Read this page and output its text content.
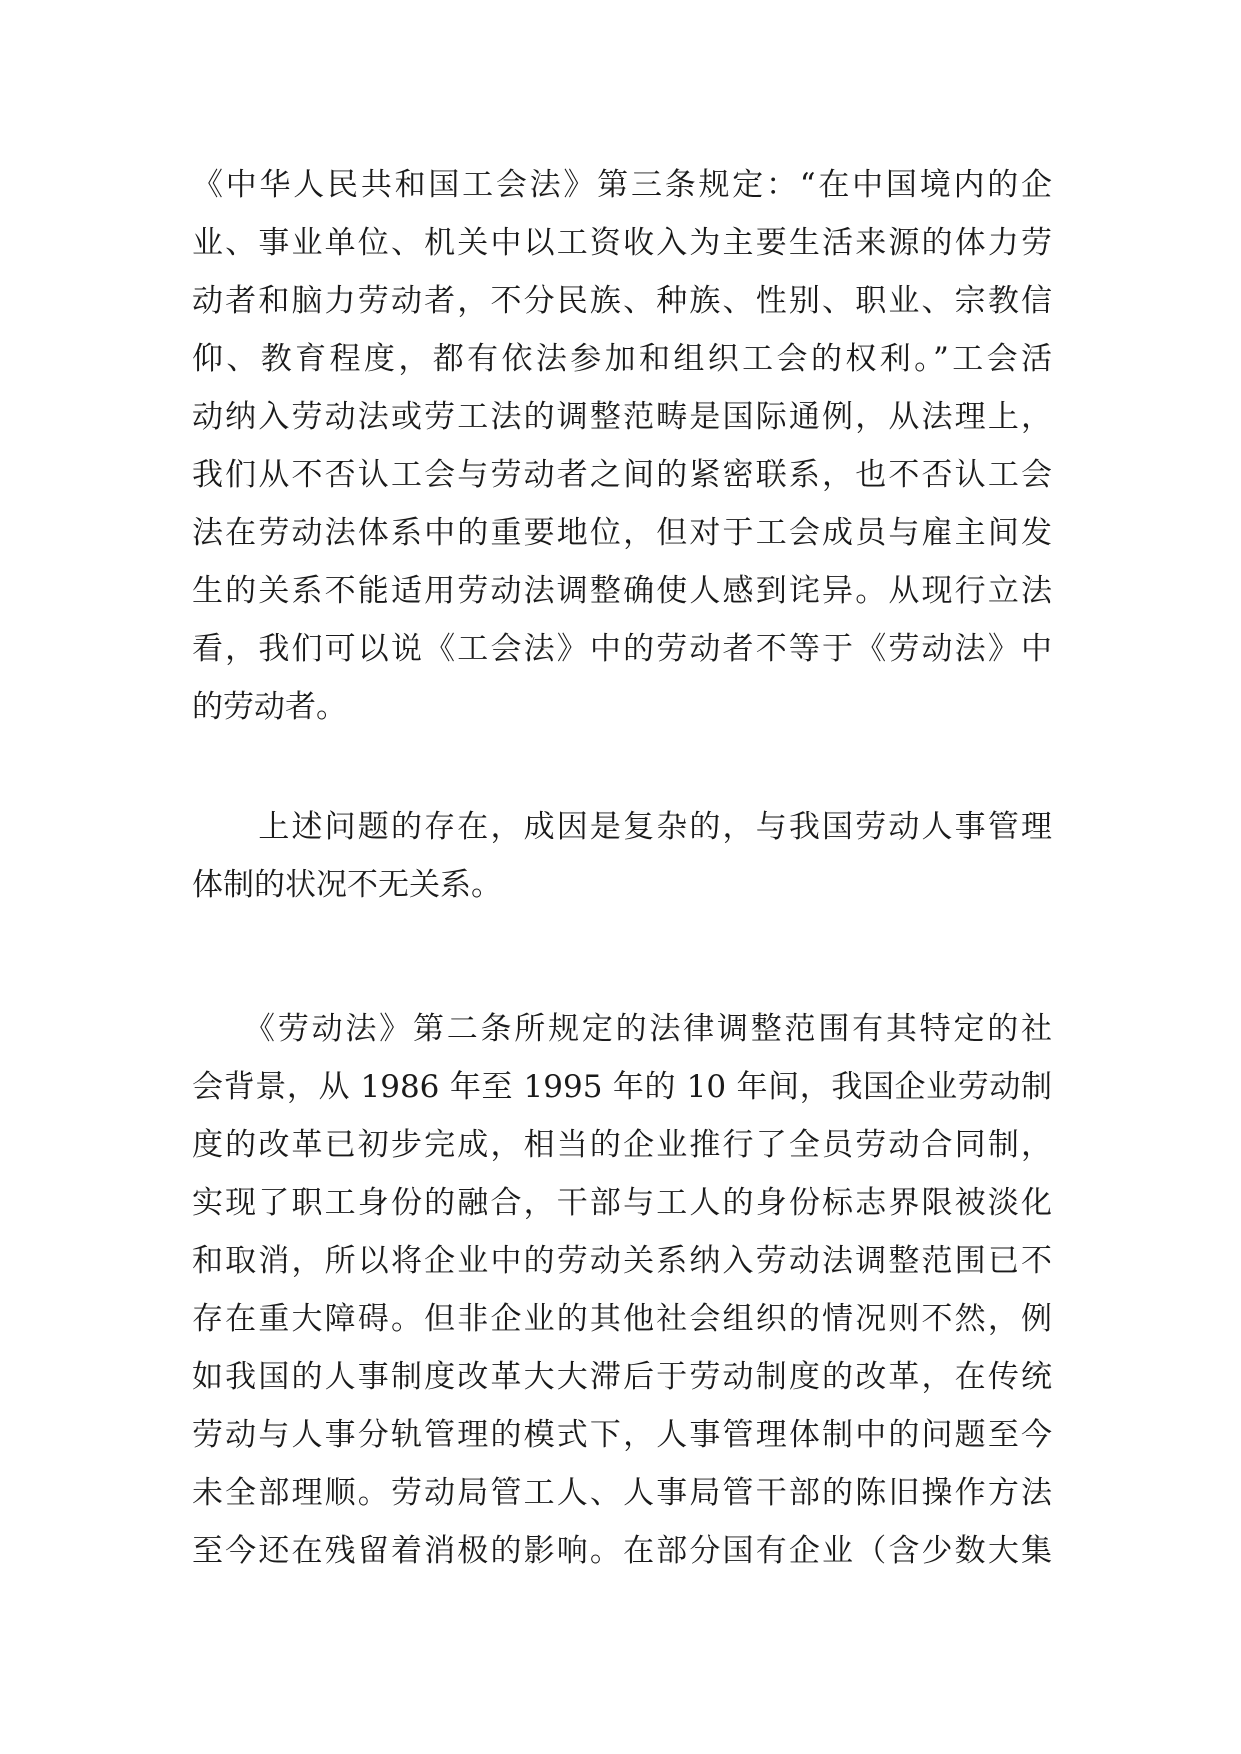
《中华人民共和国工会法》第三条规定：“在中国境内的企
业、事业单位、机关中以工资收入为主要生活来源的体力劳
动者和脑力劳动者，不分民族、种族、性别、职业、宗教信
仰、教育程度，都有依法参加和组织工会的权利。”工会活
动纳入劳动法或劳工法的调整范畴是国际通例，从法理上，
我们从不否认工会与劳动者之间的紧密联系，也不否认工会
法在劳动法体系中的重要地位，但对于工会成员与雇主间发
生的关系不能适用劳动法调整确使人感到诧异。从现行立法
看，我们可以说《工会法》中的劳动者不等于《劳动法》中
的劳动者。
　　上述问题的存在，成因是复杂的，与我国劳动人事管理
体制的状况不无关系。
　　《劳动法》第二条所规定的法律调整范围有其特定的社
会背景，从 1986 年至 1995 年的 10 年间，我国企业劳动制
度的改革已初步完成，相当的企业推行了全员劳动合同制，
实现了职工身份的融合，干部与工人的身份标志界限被淡化
和取消，所以将企业中的劳动关系纳入劳动法调整范围已不
存在重大障碍。但非企业的其他社会组织的情况则不然，例
如我国的人事制度改革大大滞后于劳动制度的改革，在传统
劳动与人事分轨管理的模式下，人事管理体制中的问题至今
未全部理顺。劳动局管工人、人事局管干部的陈旧操作方法
至今还在残留着消极的影响。在部分国有企业（含少数大集
